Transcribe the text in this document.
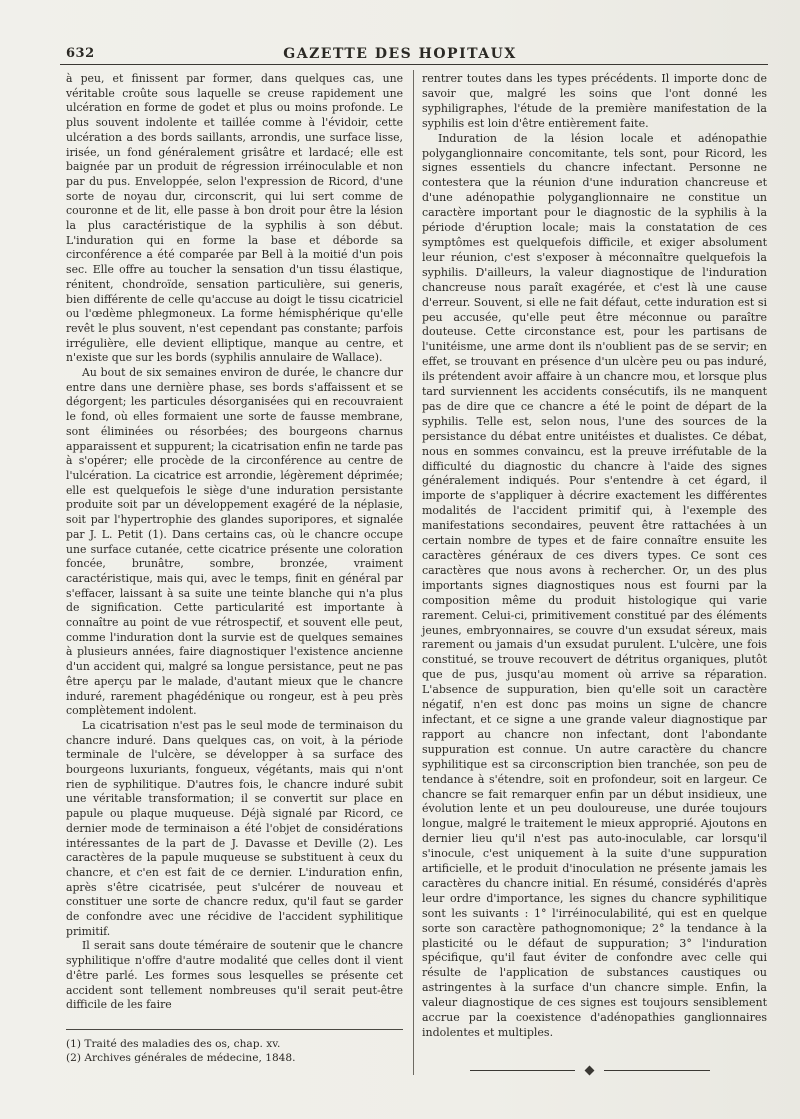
632	GAZETTE DES HOPITAUX

à peu, et finissent par former, dans quelques cas, une véritable croûte sous laquelle se creuse rapidement une ulcération en forme de godet et plus ou moins profonde. Le plus souvent indolente et taillée comme à l'évidoir, cette ulcération a des bords saillants, arrondis, une surface lisse, irisée, un fond généralement grisâtre et lardacé; elle est baignée par un produit de régression irréinoculable et non par du pus. Enveloppée, selon l'expression de Ricord, d'une sorte de noyau dur, circonscrit, qui lui sert comme de couronne et de lit, elle passe à bon droit pour être la lésion la plus caractéristique de la syphilis à son début. L'induration qui en forme la base et déborde sa circonférence a été comparée par Bell à la moitié d'un pois sec. Elle offre au toucher la sensation d'un tissu élastique, rénitent, chondroïde, sensation particulière, sui generis, bien différente de celle qu'accuse au doigt le tissu cicatriciel ou l'œdème phlegmoneux. La forme hémisphérique qu'elle revêt le plus souvent, n'est cependant pas constante; parfois irrégulière, elle devient elliptique, manque au centre, et n'existe que sur les bords (syphilis annulaire de Wallace).

Au bout de six semaines environ de durée, le chancre dur entre dans une dernière phase, ses bords s'affaissent et se dégorgent; les particules désorganisées qui en recouvraient le fond, où elles formaient une sorte de fausse membrane, sont éliminées ou résorbées; des bourgeons charnus apparaissent et suppurent; la cicatrisation enfin ne tarde pas à s'opérer; elle procède de la circonférence au centre de l'ulcération. La cicatrice est arrondie, légèrement déprimée; elle est quelquefois le siège d'une induration persistante produite soit par un développement exagéré de la néplasie, soit par l'hypertrophie des glandes suporipores, et signalée par J. L. Petit (1). Dans certains cas, où le chancre occupe une surface cutanée, cette cicatrice présente une coloration foncée, brunâtre, sombre, bronzée, vraiment caractéristique, mais qui, avec le temps, finit en général par s'effacer, laissant à sa suite une teinte blanche qui n'a plus de signification. Cette particularité est importante à connaître au point de vue rétrospectif, et souvent elle peut, comme l'induration dont la survie est de quelques semaines à plusieurs années, faire diagnostiquer l'existence ancienne d'un accident qui, malgré sa longue persistance, peut ne pas être aperçu par le malade, d'autant mieux que le chancre induré, rarement phagédénique ou rongeur, est à peu près complètement indolent.

La cicatrisation n'est pas le seul mode de terminaison du chancre induré. Dans quelques cas, on voit, à la période terminale de l'ulcère, se développer à sa surface des bourgeons luxuriants, fongueux, végétants, mais qui n'ont rien de syphilitique. D'autres fois, le chancre induré subit une véritable transformation; il se convertit sur place en papule ou plaque muqueuse. Déjà signalé par Ricord, ce dernier mode de terminaison a été l'objet de considérations intéressantes de la part de J. Davasse et Deville (2). Les caractères de la papule muqueuse se substituent à ceux du chancre, et c'en est fait de ce dernier. L'induration enfin, après s'être cicatrisée, peut s'ulcérer de nouveau et constituer une sorte de chancre redux, qu'il faut se garder de confondre avec une récidive de l'accident syphilitique primitif.

Il serait sans doute téméraire de soutenir que le chancre syphilitique n'offre d'autre modalité que celles dont il vient d'être parlé. Les formes sous lesquelles se présente cet accident sont tellement nombreuses qu'il serait peut-être difficile de les faire

rentrer toutes dans les types précédents. Il importe donc de savoir que, malgré les soins que l'ont donné les syphiligraphes, l'étude de la première manifestation de la syphilis est loin d'être entièrement faite.

Induration de la lésion locale et adénopathie polyganglionnaire concomitante, tels sont, pour Ricord, les signes essentiels du chancre infectant. Personne ne contestera que la réunion d'une induration chancreuse et d'une adénopathie polyganglionnaire ne constitue un caractère important pour le diagnostic de la syphilis à la période d'éruption locale; mais la constatation de ces symptômes est quelquefois difficile, et exiger absolument leur réunion, c'est s'exposer à méconnaître quelquefois la syphilis. D'ailleurs, la valeur diagnostique de l'induration chancreuse nous paraît exagérée, et c'est là une cause d'erreur. Souvent, si elle ne fait défaut, cette induration est si peu accusée, qu'elle peut être méconnue ou paraître douteuse. Cette circonstance est, pour les partisans de l'unitéisme, une arme dont ils n'oublient pas de se servir; en effet, se trouvant en présence d'un ulcère peu ou pas induré, ils prétendent avoir affaire à un chancre mou, et lorsque plus tard surviennent les accidents consécutifs, ils ne manquent pas de dire que ce chancre a été le point de départ de la syphilis. Telle est, selon nous, l'une des sources de la persistance du débat entre unitéistes et dualistes. Ce débat, nous en sommes convaincu, est la preuve irréfutable de la difficulté du diagnostic du chancre à l'aide des signes généralement indiqués. Pour s'entendre à cet égard, il importe de s'appliquer à décrire exactement les différentes modalités de l'accident primitif qui, à l'exemple des manifestations secondaires, peuvent être rattachées à un certain nombre de types et de faire connaître ensuite les caractères généraux de ces divers types. Ce sont ces caractères que nous avons à rechercher. Or, un des plus importants signes diagnostiques nous est fourni par la composition même du produit histologique qui varie rarement. Celui-ci, primitivement constitué par des éléments jeunes, embryonnaires, se couvre d'un exsudat séreux, mais rarement ou jamais d'un exsudat purulent. L'ulcère, une fois constitué, se trouve recouvert de détritus organiques, plutôt que de pus, jusqu'au moment où arrive sa réparation. L'absence de suppuration, bien qu'elle soit un caractère négatif, n'en est donc pas moins un signe de chancre infectant, et ce signe a une grande valeur diagnostique par rapport au chancre non infectant, dont l'abondante suppuration est connue. Un autre caractère du chancre syphilitique est sa circonscription bien tranchée, son peu de tendance à s'étendre, soit en profondeur, soit en largeur. Ce chancre se fait remarquer enfin par un début insidieux, une évolution lente et un peu douloureuse, une durée toujours longue, malgré le traitement le mieux approprié. Ajoutons en dernier lieu qu'il n'est pas auto-inoculable, car lorsqu'il s'inocule, c'est uniquement à la suite d'une suppuration artificielle, et le produit d'inoculation ne présente jamais les caractères du chancre initial. En résumé, considérés d'après leur ordre d'importance, les signes du chancre syphilitique sont les suivants : 1° l'irréinoculabilité, qui est en quelque sorte son caractère pathognomonique; 2° la tendance à la plasticité ou le défaut de suppuration; 3° l'induration spécifique, qu'il faut éviter de confondre avec celle qui résulte de l'application de substances caustiques ou astringentes à la surface d'un chancre simple. Enfin, la valeur diagnostique de ces signes est toujours sensiblement accrue par la coexistence d'adénopathies ganglionnaires indolentes et multiples.

(1) Traité des maladies des os, chap. xv.

(2) Archives générales de médecine, 1848.
